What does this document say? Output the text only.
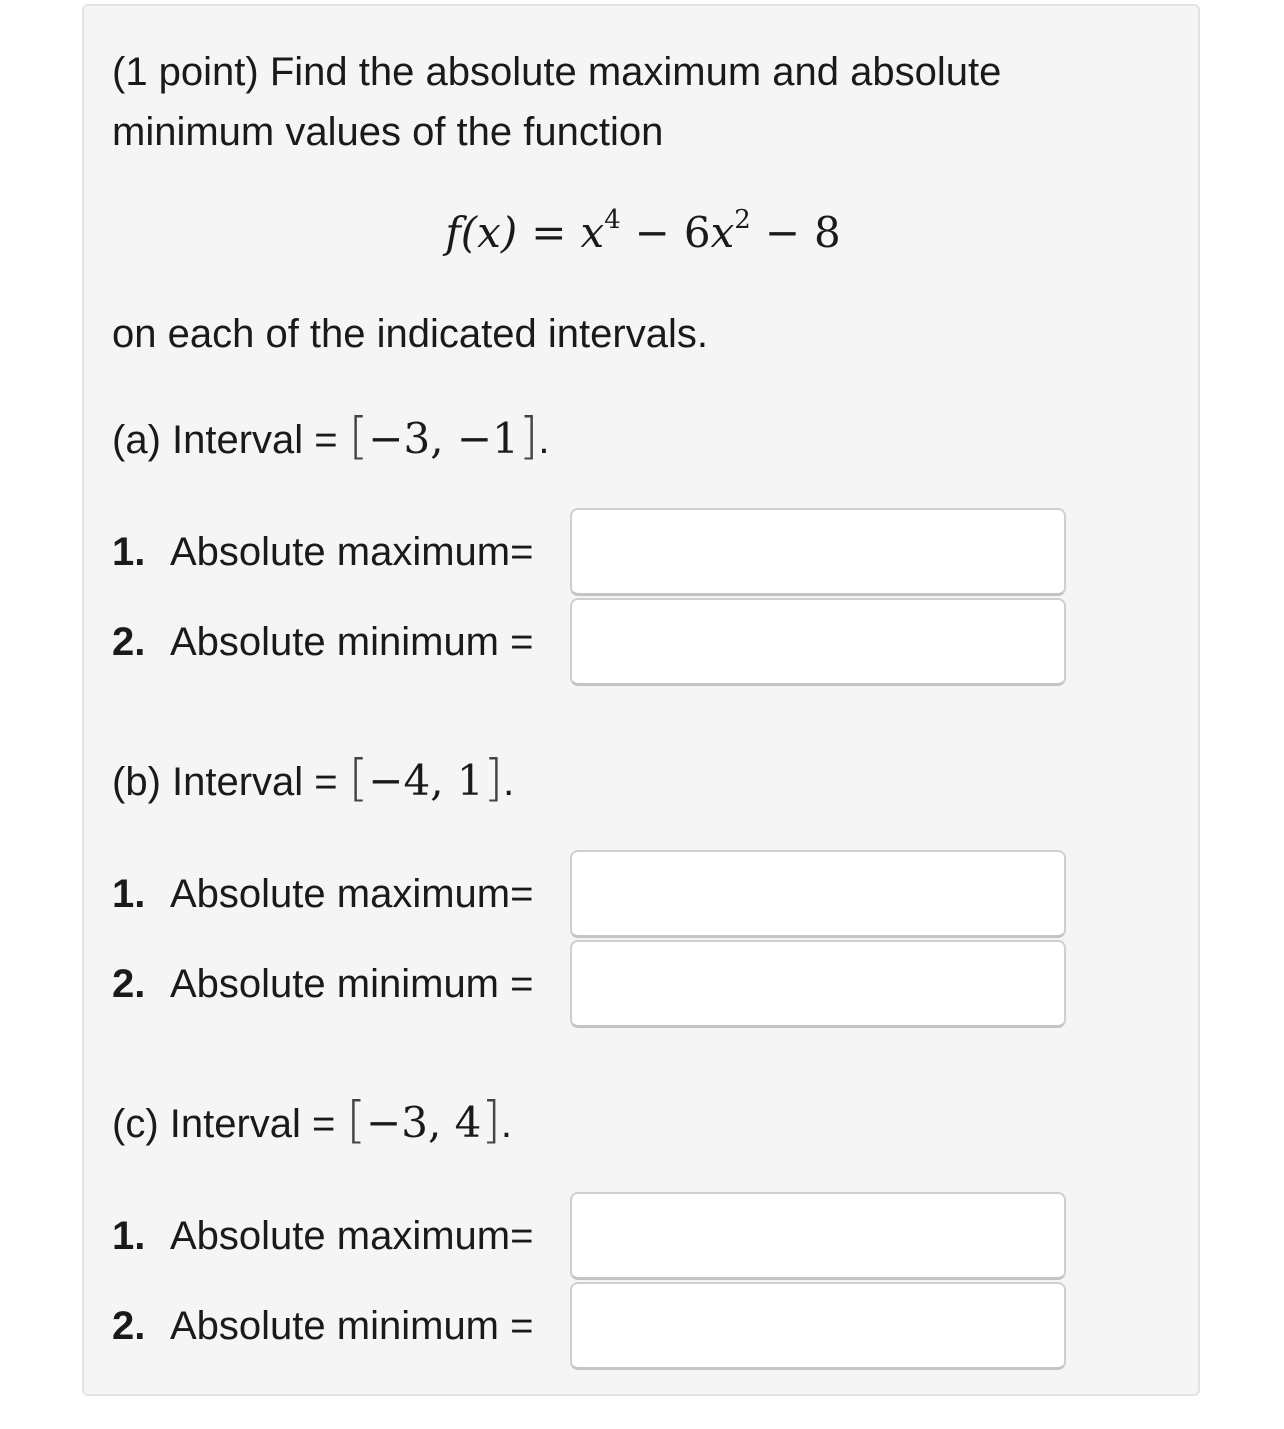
(1 point) Find the absolute maximum and absolute minimum values of the function

$f(x) = x^4 - 6x^2 - 8$
on each of the indicated intervals.
(a) Interval = [−3, −1].
1. Absolute maximum=
2. Absolute minimum =
(b) Interval = [−4, 1].
1. Absolute maximum=
2. Absolute minimum =
(c) Interval = [−3, 4].
1. Absolute maximum=
2. Absolute minimum =
